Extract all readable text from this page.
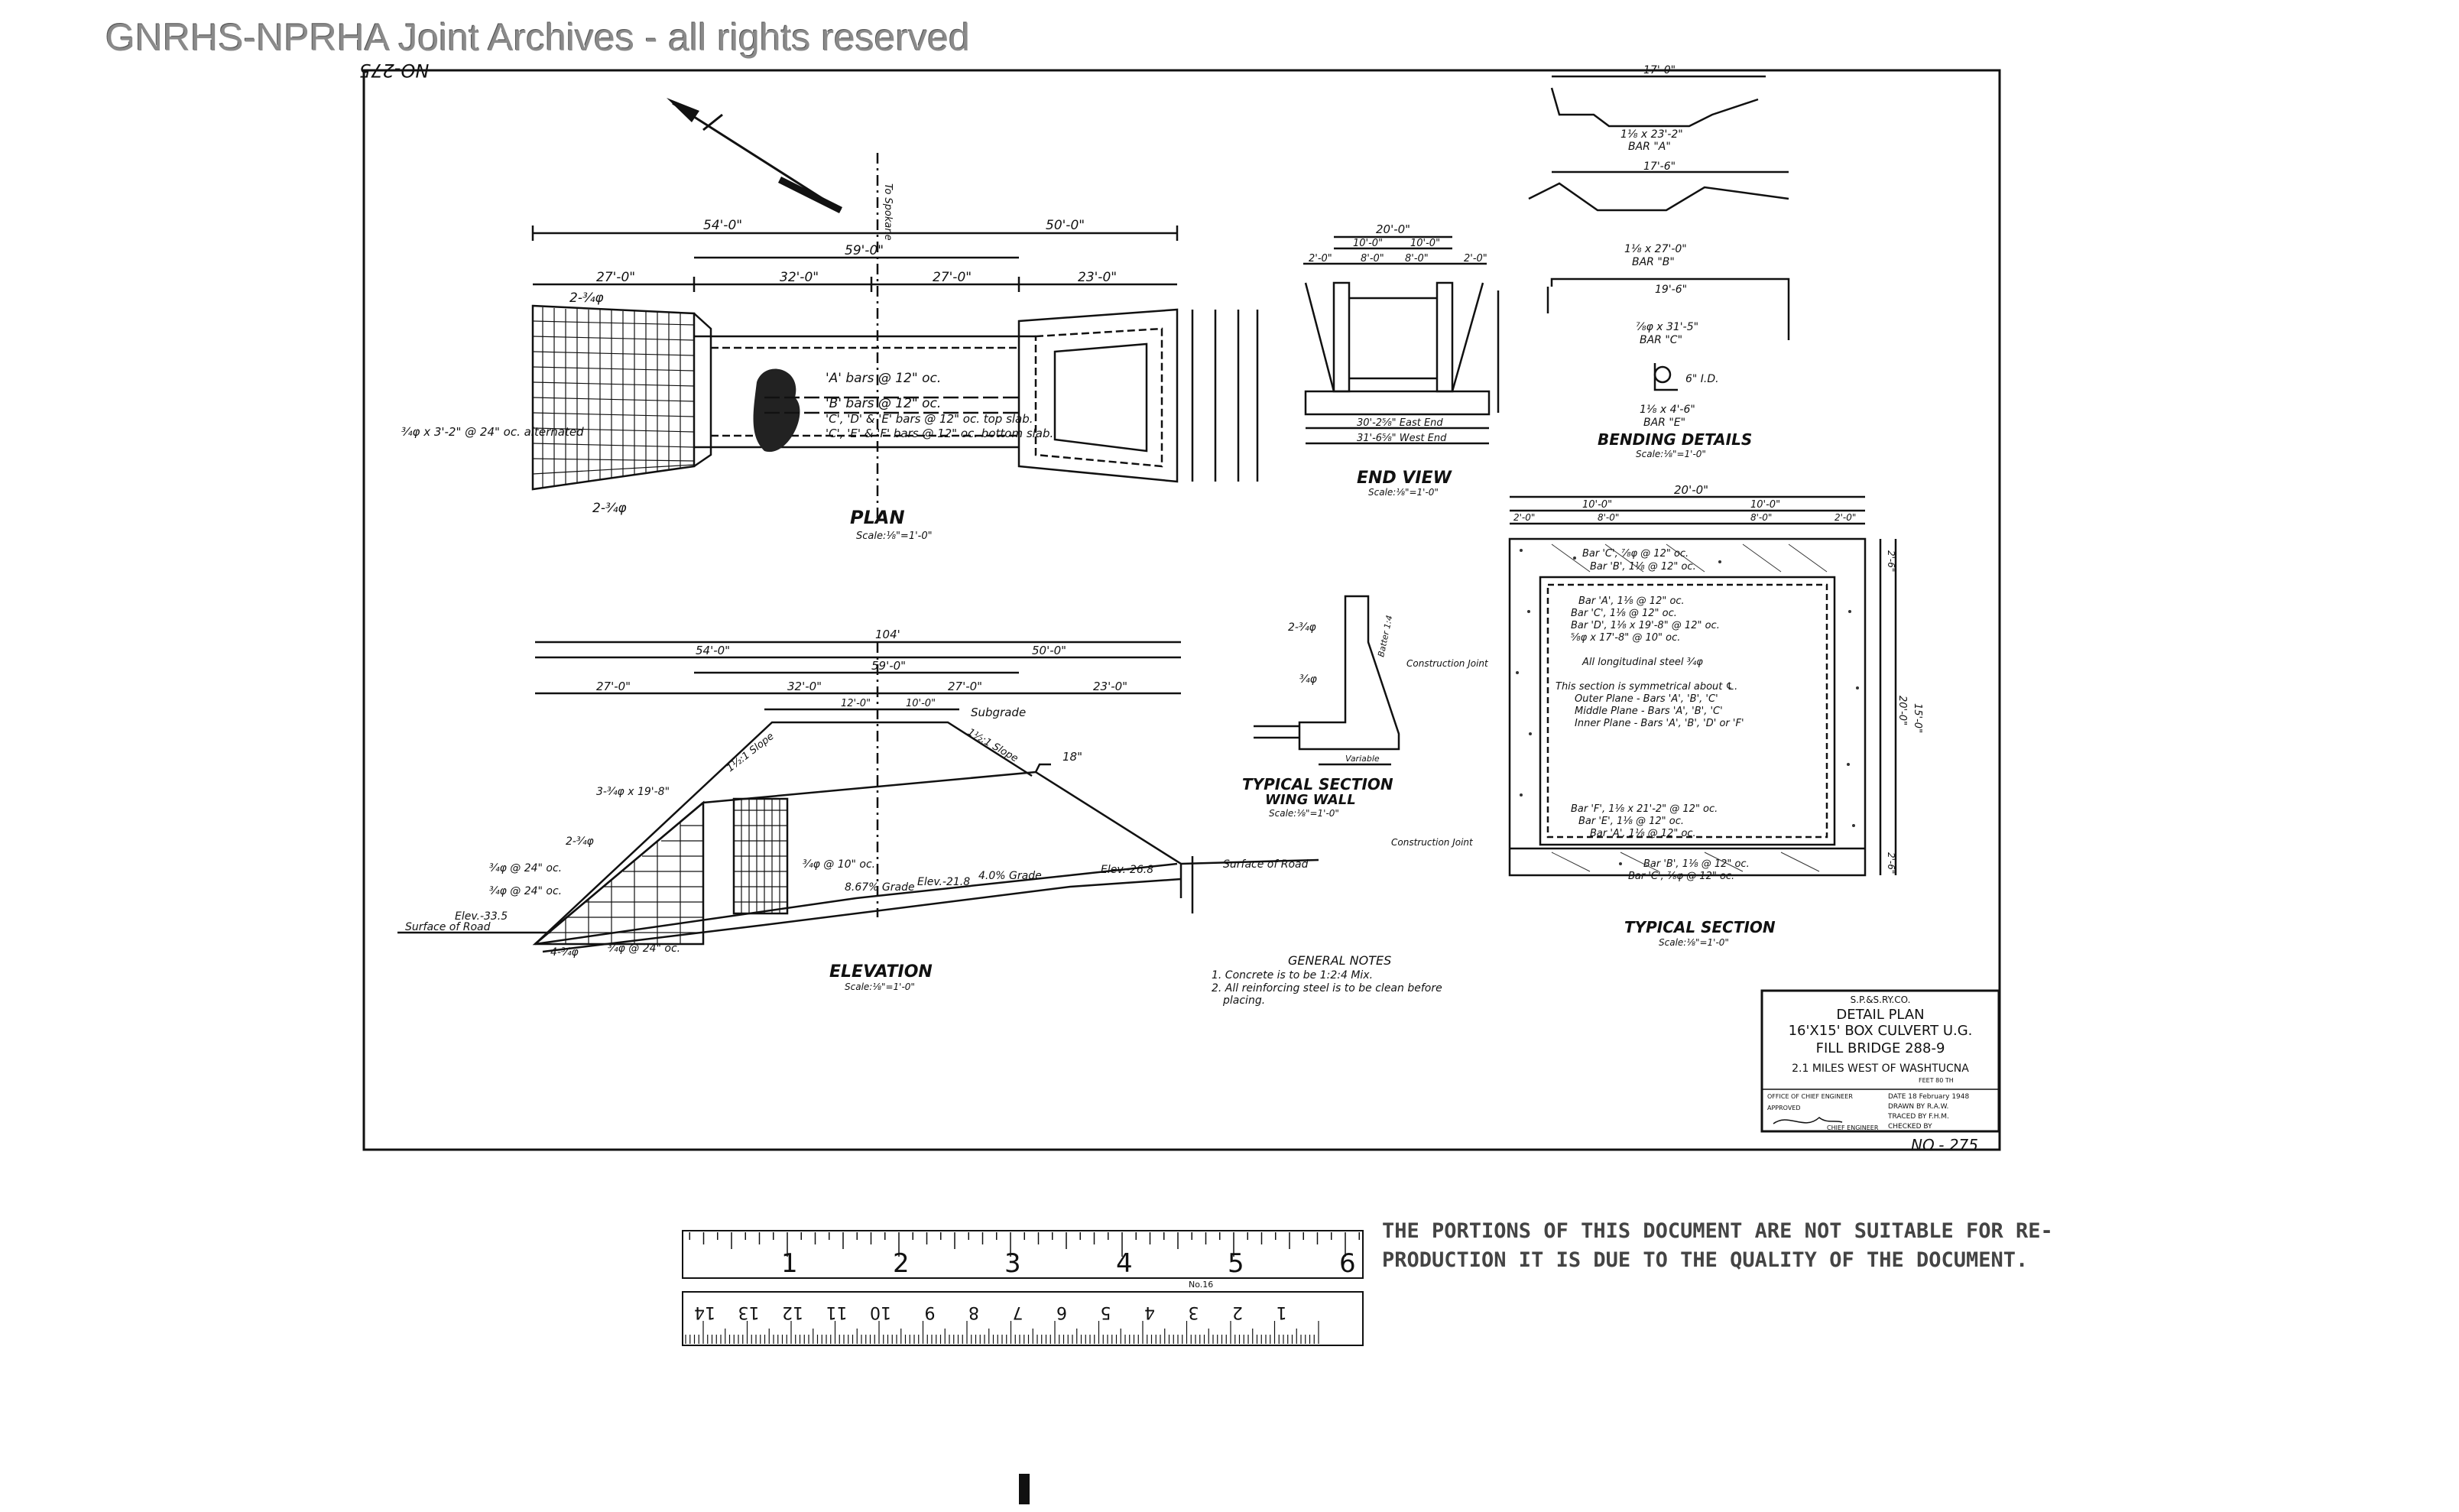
GNRHS-NPRHA Joint Archives - all rights reserved
NO-275
54'-0"	50'-0"
59'-0"
27'-0"	32'-0"	27'-0"	23'-0"
'A' bars @ 12" oc.
'B' bars @ 12" oc.
'C', 'D' & 'E' bars @ 12" oc. top slab.
'C', 'E' & 'F' bars @ 12" oc. bottom slab.
¾φ x 3'-2" @ 24" oc. alternated
2-¾φ
2-¾φ
To Spokane
PLAN
Scale:⅛"=1'-0"
20'-0"
10'-0"	10'-0"
2'-0"	8'-0" 8'-0"	2'-0"
30'-2⅝" East End
31'-6⅝" West End
END VIEW
Scale:⅛"=1'-0"
17'-0"
1⅛ x 23'-2"
BAR "A"
17'-6"
1⅛ x 27'-0"
BAR "B"
19'-6"
⅞φ x 31'-5"
BAR "C"
6" I.D.
1⅛ x 4'-6"
BAR "E"
BENDING DETAILS
Scale:⅛"=1'-0"
104'
54'-0"	50'-0"
59'-0"
27'-0"	32'-0"	27'-0"	23'-0"
12'-0"	10'-0"
Subgrade
1½:1 Slope	1½:1 Slope	18"
8.67% Grade Elev.-21.8 4.0% Grade	Elev.-26.8	Surface of Road
Elev.-33.5
Surface of Road
3-¾φ x 19'-8"
2-¾φ
¾φ @ 24" oc.
¾φ @ 24" oc.
¾φ @ 10" oc.
4-¾φ	¾φ @ 24" oc.
ELEVATION
Scale:⅛"=1'-0"
2-¾φ
¾φ
Variable
Batter 1:4
TYPICAL SECTION
WING WALL
Scale:⅛"=1'-0"
20'-0"
10'-0"	10'-0"
2'-0"	8'-0"	8'-0"	2'-0"
Bar 'C', ⅞φ @ 12" oc.
Bar 'B', 1⅛ @ 12" oc.
Bar 'A', 1⅛ @ 12" oc.
Bar 'C', 1⅛ @ 12" oc.
Bar 'D', 1⅛ x 19'-8" @ 12" oc.
⅝φ x 17'-8" @ 10" oc.
All longitudinal steel ¾φ
This section is symmetrical about ℄.
Outer Plane - Bars 'A', 'B', 'C'
Middle Plane - Bars 'A', 'B', 'C'
Inner Plane - Bars 'A', 'B', 'D' or 'F'
Bar 'F', 1⅛ x 21'-2" @ 12" oc.
Bar 'E', 1⅛ @ 12" oc.
Bar 'A', 1⅛ @ 12" oc.
Bar 'B', 1⅛ @ 12" oc.
Bar 'C', ⅞φ @ 12" oc.
Construction Joint
Construction Joint
15'-0"
20'-0"
2'-6"
2'-6"
TYPICAL SECTION
Scale:⅛"=1'-0"
GENERAL NOTES
1. Concrete is to be 1:2:4 Mix.
2. All reinforcing steel is to be clean before
placing.	S.P.&S.RY.CO.
DETAIL PLAN
16'X15' BOX CULVERT U.G.
FILL BRIDGE 288-9
2.1 MILES WEST OF WASHTUCNA
FEET 80 TH
OFFICE OF CHIEF ENGINEER
APPROVED
DATE 18 February 1948
DRAWN BY R.A.W.
TRACED BY F.H.M.
CHECKED BY
CHIEF ENGINEER
NO.- 275
1	2	3	4	5	6
1
2
3
4
5
6
7
8
9
10
11
12
13
14
No.16
THE PORTIONS OF THIS DOCUMENT ARE NOT SUITABLE FOR RE-
PRODUCTION IT IS DUE TO THE QUALITY OF THE DOCUMENT.
